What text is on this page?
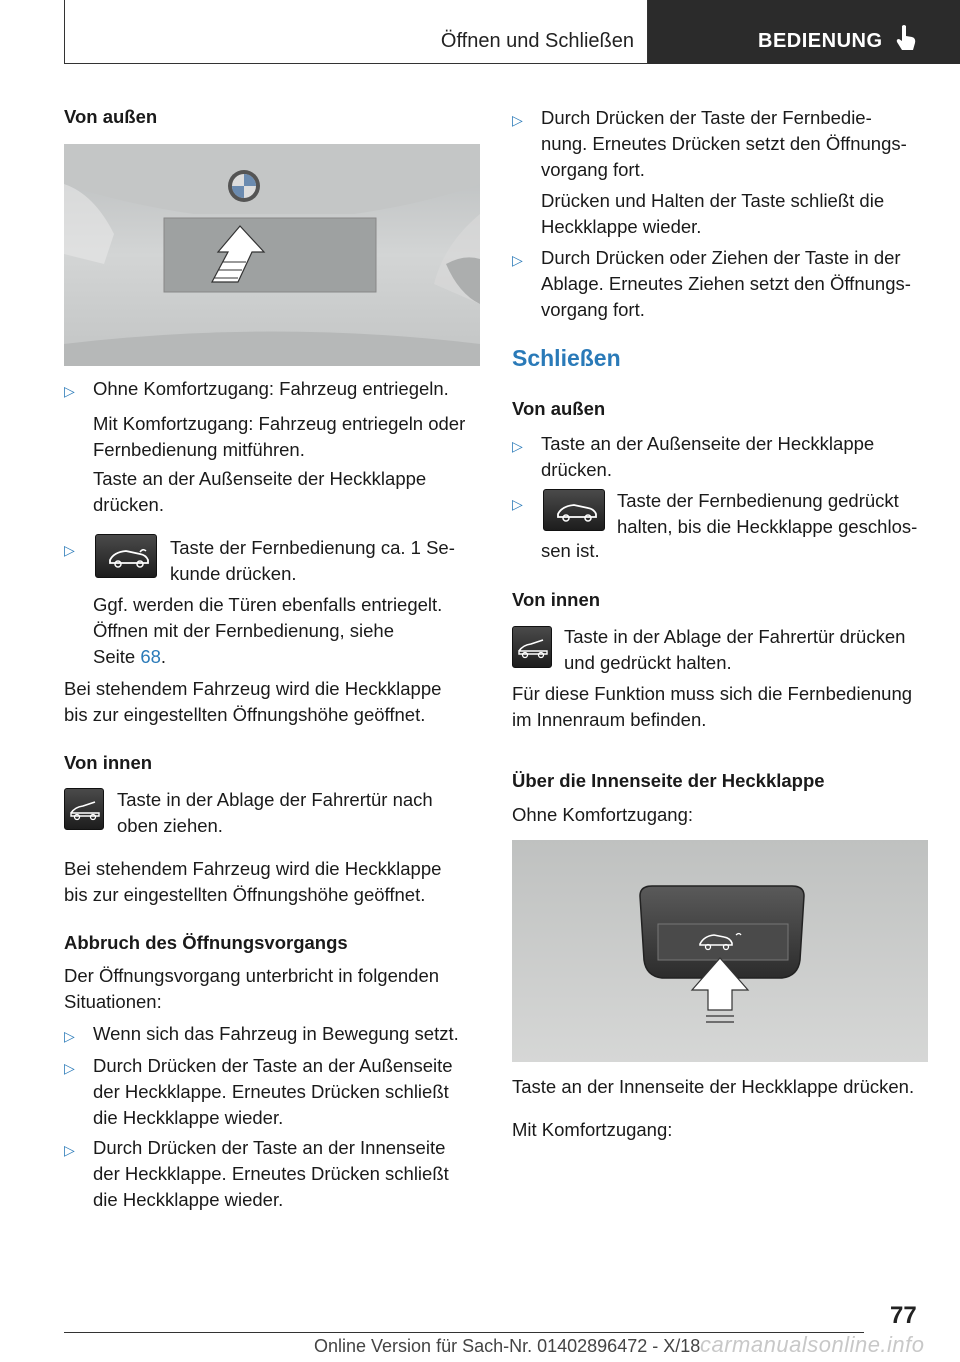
Öffnen und Schließen	BEDIENUNG
Von außen
▷ Ohne Komfortzugang: Fahrzeug entriegeln.
Mit Komfortzugang: Fahrzeug entriegeln oder
Fernbedienung mitführen.
Taste an der Außenseite der Heckklappe
drücken.
▷	Taste der Fernbedienung ca. 1 Se‐
kunde drücken.
Ggf. werden die Türen ebenfalls entriegelt.
Öffnen mit der Fernbedienung, siehe
Seite 68.
Bei stehendem Fahrzeug wird die Heckklappe
bis zur eingestellten Öffnungshöhe geöffnet.
Von innen
Taste in der Ablage der Fahrertür nach
oben ziehen.
Bei stehendem Fahrzeug wird die Heckklappe
bis zur eingestellten Öffnungshöhe geöffnet.
Abbruch des Öffnungsvorgangs
Der Öffnungsvorgang unterbricht in folgenden
Situationen:
▷ Wenn sich das Fahrzeug in Bewegung setzt.
▷ Durch Drücken der Taste an der Außenseite
der Heckklappe. Erneutes Drücken schließt
die Heckklappe wieder.
▷ Durch Drücken der Taste an der Innenseite
der Heckklappe. Erneutes Drücken schließt
die Heckklappe wieder.
▷ Durch Drücken der Taste der Fernbedie‐
nung. Erneutes Drücken setzt den Öffnungs‐
vorgang fort.
Drücken und Halten der Taste schließt die
Heckklappe wieder.
▷ Durch Drücken oder Ziehen der Taste in der
Ablage. Erneutes Ziehen setzt den Öffnungs‐
vorgang fort.
Schließen
Von außen
▷ Taste an der Außenseite der Heckklappe
drücken.
▷	Taste der Fernbedienung gedrückt
halten, bis die Heckklappe geschlos‐
sen ist.
Von innen
Taste in der Ablage der Fahrertür drücken
und gedrückt halten.
Für diese Funktion muss sich die Fernbedienung
im Innenraum befinden.
Über die Innenseite der Heckklappe
Ohne Komfortzugang:
Taste an der Innenseite der Heckklappe drücken.
Mit Komfortzugang:
77
Online Version für Sach-Nr. 01402896472 - X/18 carmanualsonline.info
